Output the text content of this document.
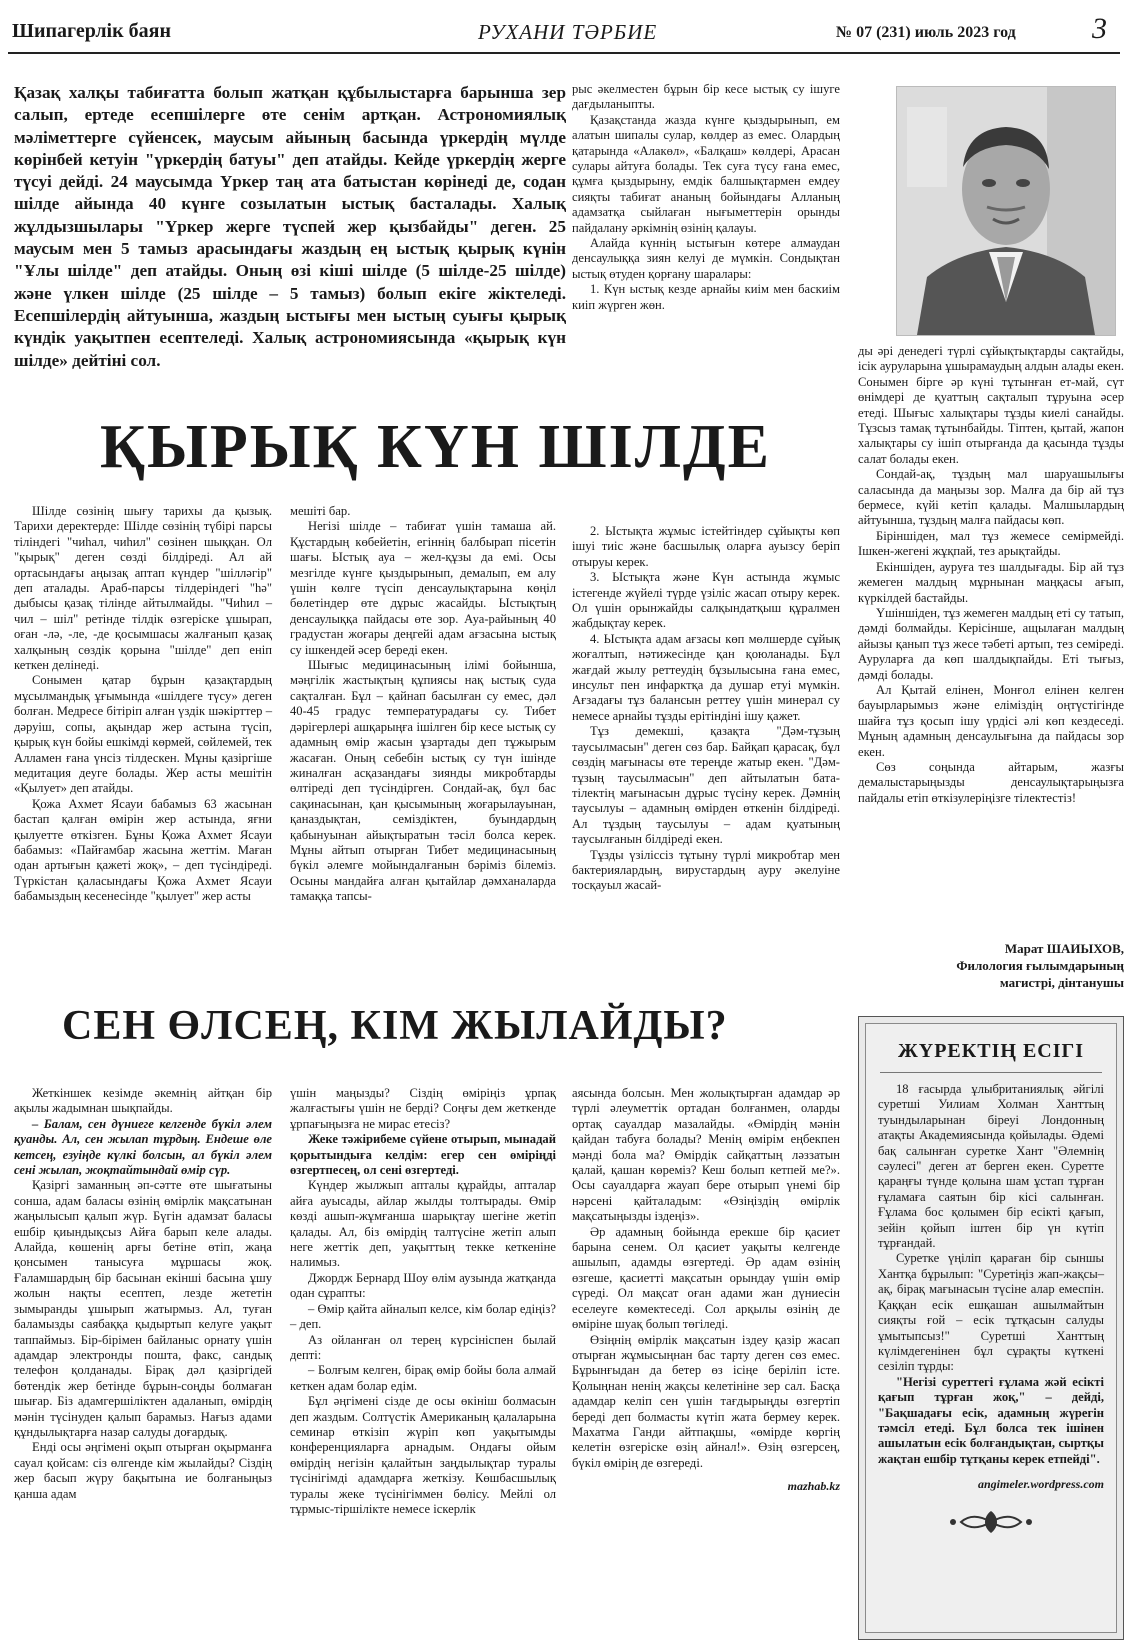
Шипагерлік баян	РУХАНИ ТӘРБИЕ	№ 07 (231) июль 2023 год	3

Қазақ халқы табиғатта болып жатқан құбылыстарға барынша зер салып, ертеде есепшілерге өте сенім артқан. Астрономиялық мәліметтерге сүйенсек, маусым айының басында үркердің мүлде көрінбей кетуін "үркердің батуы" деп атайды. Кейде үркердің жерге түсуі дейді. 24 маусымда Үркер таң ата батыстан көрінеді де, содан шілде айында 40 күнге созылатын ыстық басталады. Халық жұлдызшылары "Үркер жерге түспей жер қызбайды" деген. 25 маусым мен 5 тамыз арасындағы жаздың ең ыстық қырық күнін "Ұлы шілде" деп атайды. Оның өзі кіші шілде (5 шілде-25 шілде) және үлкен шілде (25 шілде – 5 тамыз) болып екіге жіктеледі. Есепшілердің айтуынша, жаздың ыстығы мен ыстың суығы қырық күндік уақытпен есептеледі. Халық астрономиясында «қырық күн шілде» дейтіні сол.

рыс әкелместен бұрын бір кесе ыстық су ішуге дағдыланыпты.

Қазақстанда жазда күнге қыздырынып, ем алатын шипалы сулар, көлдер аз емес. Олардың қатарында «Алакөл», «Балқаш» көлдері, Арасан сулары айтуға болады. Тек суға түсу ғана емес, құмға қыздырыну, емдік балшықтармен емдеу сияқты табиғат ананың бойындағы Алланың адамзатқа сыйлаған нығыметтерін орынды пайдалану әркімнің өзінің қалауы.

Алайда күннің ыстығын көтере алмаудан денсаулыққа зиян келуі де мүмкін. Сондықтан ыстық өтуден қорғану шаралары:

1. Күн ыстық кезде арнайы киім мен баскиім киіп жүрген жөн.

ҚЫРЫҚ КҮН ШІЛДЕ

Шілде сөзінің шығу тарихы да қызық. Тарихи деректерде: Шілде сөзінің түбірі парсы тіліндегі "чиһал, чиһил" сөзінен шыққан. Ол "қырық" деген сөзді білдіреді. Ал ай ортасындағы аңызақ аптап күндер "шілләгір" деп аталады. Араб-парсы тілдеріндегі "һә" дыбысы қазақ тілінде айтылмайды. "Чиһил – чил – шіл" ретінде тілдік өзгеріске ұшырап, оған -лә, -ле, -де қосымшасы жалғанып қазақ халқының сөздік қорына "шілде" деп еніп кеткен делінеді.

Сонымен қатар бұрын қазақтардың мұсылмандық ұғымында «шілдеге түсу» деген болған. Медресе бітіріп алған үздік шәкірттер – дәруіш, сопы, ақындар жер астына түсіп, қырық күн бойы ешкімді көрмей, сөйлемей, тек Алламен ғана үнсіз тілдескен. Мұны қазіргіше медитация деуге болады. Жер асты мешітін «Қылует» деп атайды.

Қожа Ахмет Ясауи бабамыз 63 жасынан бастап қалған өмірін жер астында, яғни қылуетте өткізген. Бұны Қожа Ахмет Ясауи бабамыз: «Пайғамбар жасына жеттім. Маған одан артығын қажеті жоқ», – деп түсіндіреді. Түркістан қаласындағы Қожа Ахмет Ясауи бабамыздың кесенесінде "қылует" жер асты

мешіті бар.

Негізі шілде – табиғат үшін тамаша ай. Құстардың көбейетін, егіннің балбырап пісетін шағы. Ыстық ауа – жел-құзы да емі. Осы мезгілде күнге қыздырынып, демалып, ем алу үшін көлге түсіп денсаулықтарына көңіл бөлетіндер өте дұрыс жасайды. Ыстықтың денсаулыққа пайдасы өте зор. Ауа-райының 40 градустан жоғары деңгейі адам ағзасына ыстық су ішкендей әсер береді екен.

Шығыс медицинасының ілімі бойынша, мәңгілік жастықтың құпиясы нақ ыстық суда сақталған. Бұл – қайнап басылған су емес, дәл 40-45 градус температурадағы су. Тибет дәрігерлері ашқарыңға ішілген бір кесе ыстық су адамның өмір жасын ұзартады деп тұжырым жасаған. Оның себебін ыстық су түн ішінде жиналған асқазандағы зиянды микробтарды өлтіреді деп түсіндірген. Сондай-ақ, бұл бас сақинасынан, қан қысымының жоғарылауынан, қаназдықтан, семіздіктен, буындардың қабынуынан айықтыратын тәсіл болса керек. Мұны айтып отырған Тибет медицинасының бүкіл әлемге мойындалғанын бәріміз білеміз. Осыны мандайға алған қытайлар дәмханаларда тамаққа тапсы-

2. Ыстықта жұмыс істейтіндер сұйықты көп ішуі тиіс және басшылық оларға ауызсу беріп отыруы керек.

3. Ыстықта және Күн астында жұмыс істегенде жүйелі түрде үзіліс жасап отыру керек. Ол үшін орынжайды салқындатқыш құралмен жабдықтау керек.

4. Ыстықта адам ағзасы көп мөлшерде сұйық жоғалтып, нәтижесінде қан қоюланады. Бұл жағдай жылу реттеудің бұзылысына ғана емес, инсульт пен инфарктқа да душар етуі мүмкін. Ағзадағы тұз балансын реттеу үшін минерал су немесе арнайы тұзды ерітіндіні ішу қажет.

Тұз демекші, қазақта "Дәм-тұзың таусылмасын" деген сөз бар. Байқап қарасақ, бұл сөздің мағынасы өте тереңде жатыр екен. "Дәм-тұзың таусылмасын" деп айтылатын бата-тілектің мағынасын дұрыс түсіну керек. Дәмнің таусылуы – адамның өмірден өткенін білдіреді. Ал тұздың таусылуы – адам қуатының таусылғанын білдіреді екен.

Тұзды үзіліссіз тұтыну түрлі микробтар мен бактериялардың, вирустардың ауру әкелуіне тосқауыл жасай-

ды әрі денедегі түрлі сұйықтықтарды сақтайды, ісік ауруларына ұшырамаудың алдын алады екен. Сонымен бірге әр күні тұтынған ет-май, сүт өнімдері де қуаттың сақталып тұруына әсер етеді. Шығыс халықтары тұзды киелі санайды. Тұзсыз тамақ тұтынбайды. Тіптен, қытай, жапон халықтары су ішіп отырғанда да қасында тұзды салат болады екен.

Сондай-ақ, тұздың мал шаруашылығы саласында да маңызы зор. Малға да бір ай тұз бермесе, күйі кетіп қалады. Малшылардың айтуынша, тұздың малға пайдасы көп.

Біріншіден, мал тұз жемесе семірмейді. Ішкен-жегені жұқпай, тез арықтайды.

Екіншіден, ауруға тез шалдығады. Бір ай тұз жемеген малдың мұрнынан маңқасы ағып, күркілдей бастайды.

Үшіншіден, тұз жемеген малдың еті су татып, дәмді болмайды. Керісінше, ащылаған малдың айызы қанып тұз жесе тәбеті артып, тез семіреді. Ауруларға да көп шалдықпайды. Еті тығыз, дәмді болады.

Ал Қытай елінен, Монғол елінен келген бауырларымыз және еліміздің оңтүстігінде шайға тұз қосып ішу үрдісі әлі көп кездеседі. Мұның адамның денсаулығына да пайдасы зор екен.

Сөз соңында айтарым, жазғы демалыстарыңызды денсаулықтарыңызға пайдалы етіп өткізулеріңізге тілектестіз!

Марат ШАИЫХОВ,
Филология ғылымдарының
магистрі, дінтанушы
СЕН ӨЛСЕҢ, КІМ ЖЫЛАЙДЫ?

Жеткіншек кезімде әкемнің айтқан бір ақылы жадымнан шықпайды.

– Балам, сен дүниеге келгенде бүкіл әлем қуанды. Ал, сен жылап тұрдың. Ендеше өле кетсең, езуіңде күлкі болсын, ал бүкіл әлем сені жылап, жоқтайтындай өмір сүр.

Қазіргі заманның әп-сәтте өте шығатыны сонша, адам баласы өзінің өмірлік мақсатынан жаңылысып қалып жүр. Бүгін адамзат баласы ешбір қиындықсыз Айға барып келе алады. Алайда, көшенің арғы бетіне өтіп, жаңа қонсымен танысуға мұршасы жоқ. Ғаламшардың бір басынан екінші басына ұшу жолын нақты есептеп, лезде жететін зымыранды ұшырып жатырмыз. Ал, туған баламызды саябаққа қыдыртып келуге уақыт таппаймыз. Бір-бірімен байланыс орнату үшін адамдар электронды пошта, факс, сандық телефон қолданады. Бірақ дәл қазіргідей бөтендік жер бетінде бұрын-соңды болмаған шығар. Біз адамгершіліктен адаланып, өмірдің мәнін түсінуден қалып барамыз. Нағыз адами құндылықтарға назар салуды доғардық.

Енді осы әңгімені оқып отырған оқырманға сауал қойсам: сіз өлгенде кім жылайды? Сіздің жер басып жүру бақытына ие болғаныңыз қанша адам

үшін маңызды? Сіздің өміріңіз ұрпақ жалғастығы үшін не берді? Соңғы дем жеткенде ұрпағыңызға не мирас етесіз?

Жеке тәжірибеме сүйене отырып, мынадай қорытындыға келдім: егер сен өміріңді өзгертпесең, ол сені өзгертеді.

Күндер жылжып апталы құрайды, апталар айға ауысады, айлар жылды толтырады. Өмір көзді ашып-жұмғанша шарықтау шегіне жетіп қалады. Ал, біз өмірдің талтүсіне жетіп алып неге жеттік деп, уақыттың текке кеткеніне налимыз.

Джордж Бернард Шоу өлім аузында жатқанда одан сұрапты:

– Өмір қайта айналып келсе, кім болар едіңіз? – деп.

Аз ойланған ол терең күрсініспен былай депті:

– Болғым келген, бірақ өмір бойы бола алмай кеткен адам болар едім.

Бұл әңгімені сізде де осы өкініш болмасын деп жаздым. Солтүстік Американың қалаларына семинар өткізіп жүріп көп уақытымды конференцияларға арнадым. Ондағы ойым өмірдің негізін қалайтын заңдылықтар туралы түсінігімді адамдарға жеткізу. Көшбасшылық туралы жеке түсінігіммен бөлісу. Мейлі ол тұрмыс-тіршілікте немесе іскерлік

аясында болсын. Мен жолықтырған адамдар әр түрлі әлеуметтік ортадан болғанмен, оларды ортақ сауалдар мазалайды. «Өмірдің мәнін қайдан табуға болады? Менің өмірім еңбекпен мәнді бола ма? Өмірдік сайқаттың ләззатын қалай, қашан көреміз? Кеш болып кетпей ме?». Осы сауалдарға жауап бере отырып үнемі бір нәрсені қайталадым: «Өзіңіздің өмірлік мақсатыңызды іздеңіз».

Әр адамның бойында ерекше бір қасиет барына сенем. Ол қасиет уақыты келгенде ашылып, адамды өзгертеді. Әр адам өзінің өзгеше, қасиетті мақсатын орындау үшін өмір сүреді. Ол мақсат оған адами жан дүниесін еселеуге көмектеседі. Сол арқылы өзінің де өміріне шуақ болып төгіледі.

Өзіңнің өмірлік мақсатын іздеу қазір жасап отырған жұмысыңнан бас тарту деген сөз емес. Бұрынғыдан да бетер өз ісіңе беріліп істе. Қолыңнан ненің жақсы келетініне зер сал. Басқа адамдар келіп сен үшін тағдырыңды өзгертіп береді деп болмасты күтіп жата бермеу керек. Махатма Ганди айтпақшы, «өмірде көргің келетін өзгеріске өзің айнал!». Өзің өзгерсең, бүкіл өмірің де өзгереді.

mazhab.kz
ЖҮРЕКТІҢ ЕСІГІ

18 ғасырда ұлыбританиялық әйгілі суретші Уилиам Холман Ханттың туындыларынан біреуі Лондонның атақты Академиясында қойылады. Әдемі бақ салынған суретке Хант "Әлемнің сәулесі" деген ат берген екен. Суретте қараңғы түнде қолына шам ұстап тұрған ғұламаға саятын бір кісі салынған. Ғұлама бос қолымен бір есікті қағып, зейін қойып іштен бір үн күтіп тұрғандай.

Суретке үңіліп қараған бір сыншы Хантқа бұрылып: "Суретіңіз жап-жақсы–ақ, бірақ мағынасын түсіне алар емеспін. Қаққан есік ешқашан ашылмайтын сияқты ғой – есік тұтқасын салуды ұмытыпсыз!" Суретші Ханттың күлімдегенінен бұл сұрақты күткені сезіліп тұрды:

"Негізі суреттегі ғұлама жәй есікті қағып тұрған жоқ," – дейді, "Бақшадағы есік, адамның жүрегін тәмсіл етеді. Бұл болса тек ішінен ашылатын есік болғандықтан, сыртқы жақтан ешбір тұтқаны керек етпейді".

angimeler.wordpress.com
